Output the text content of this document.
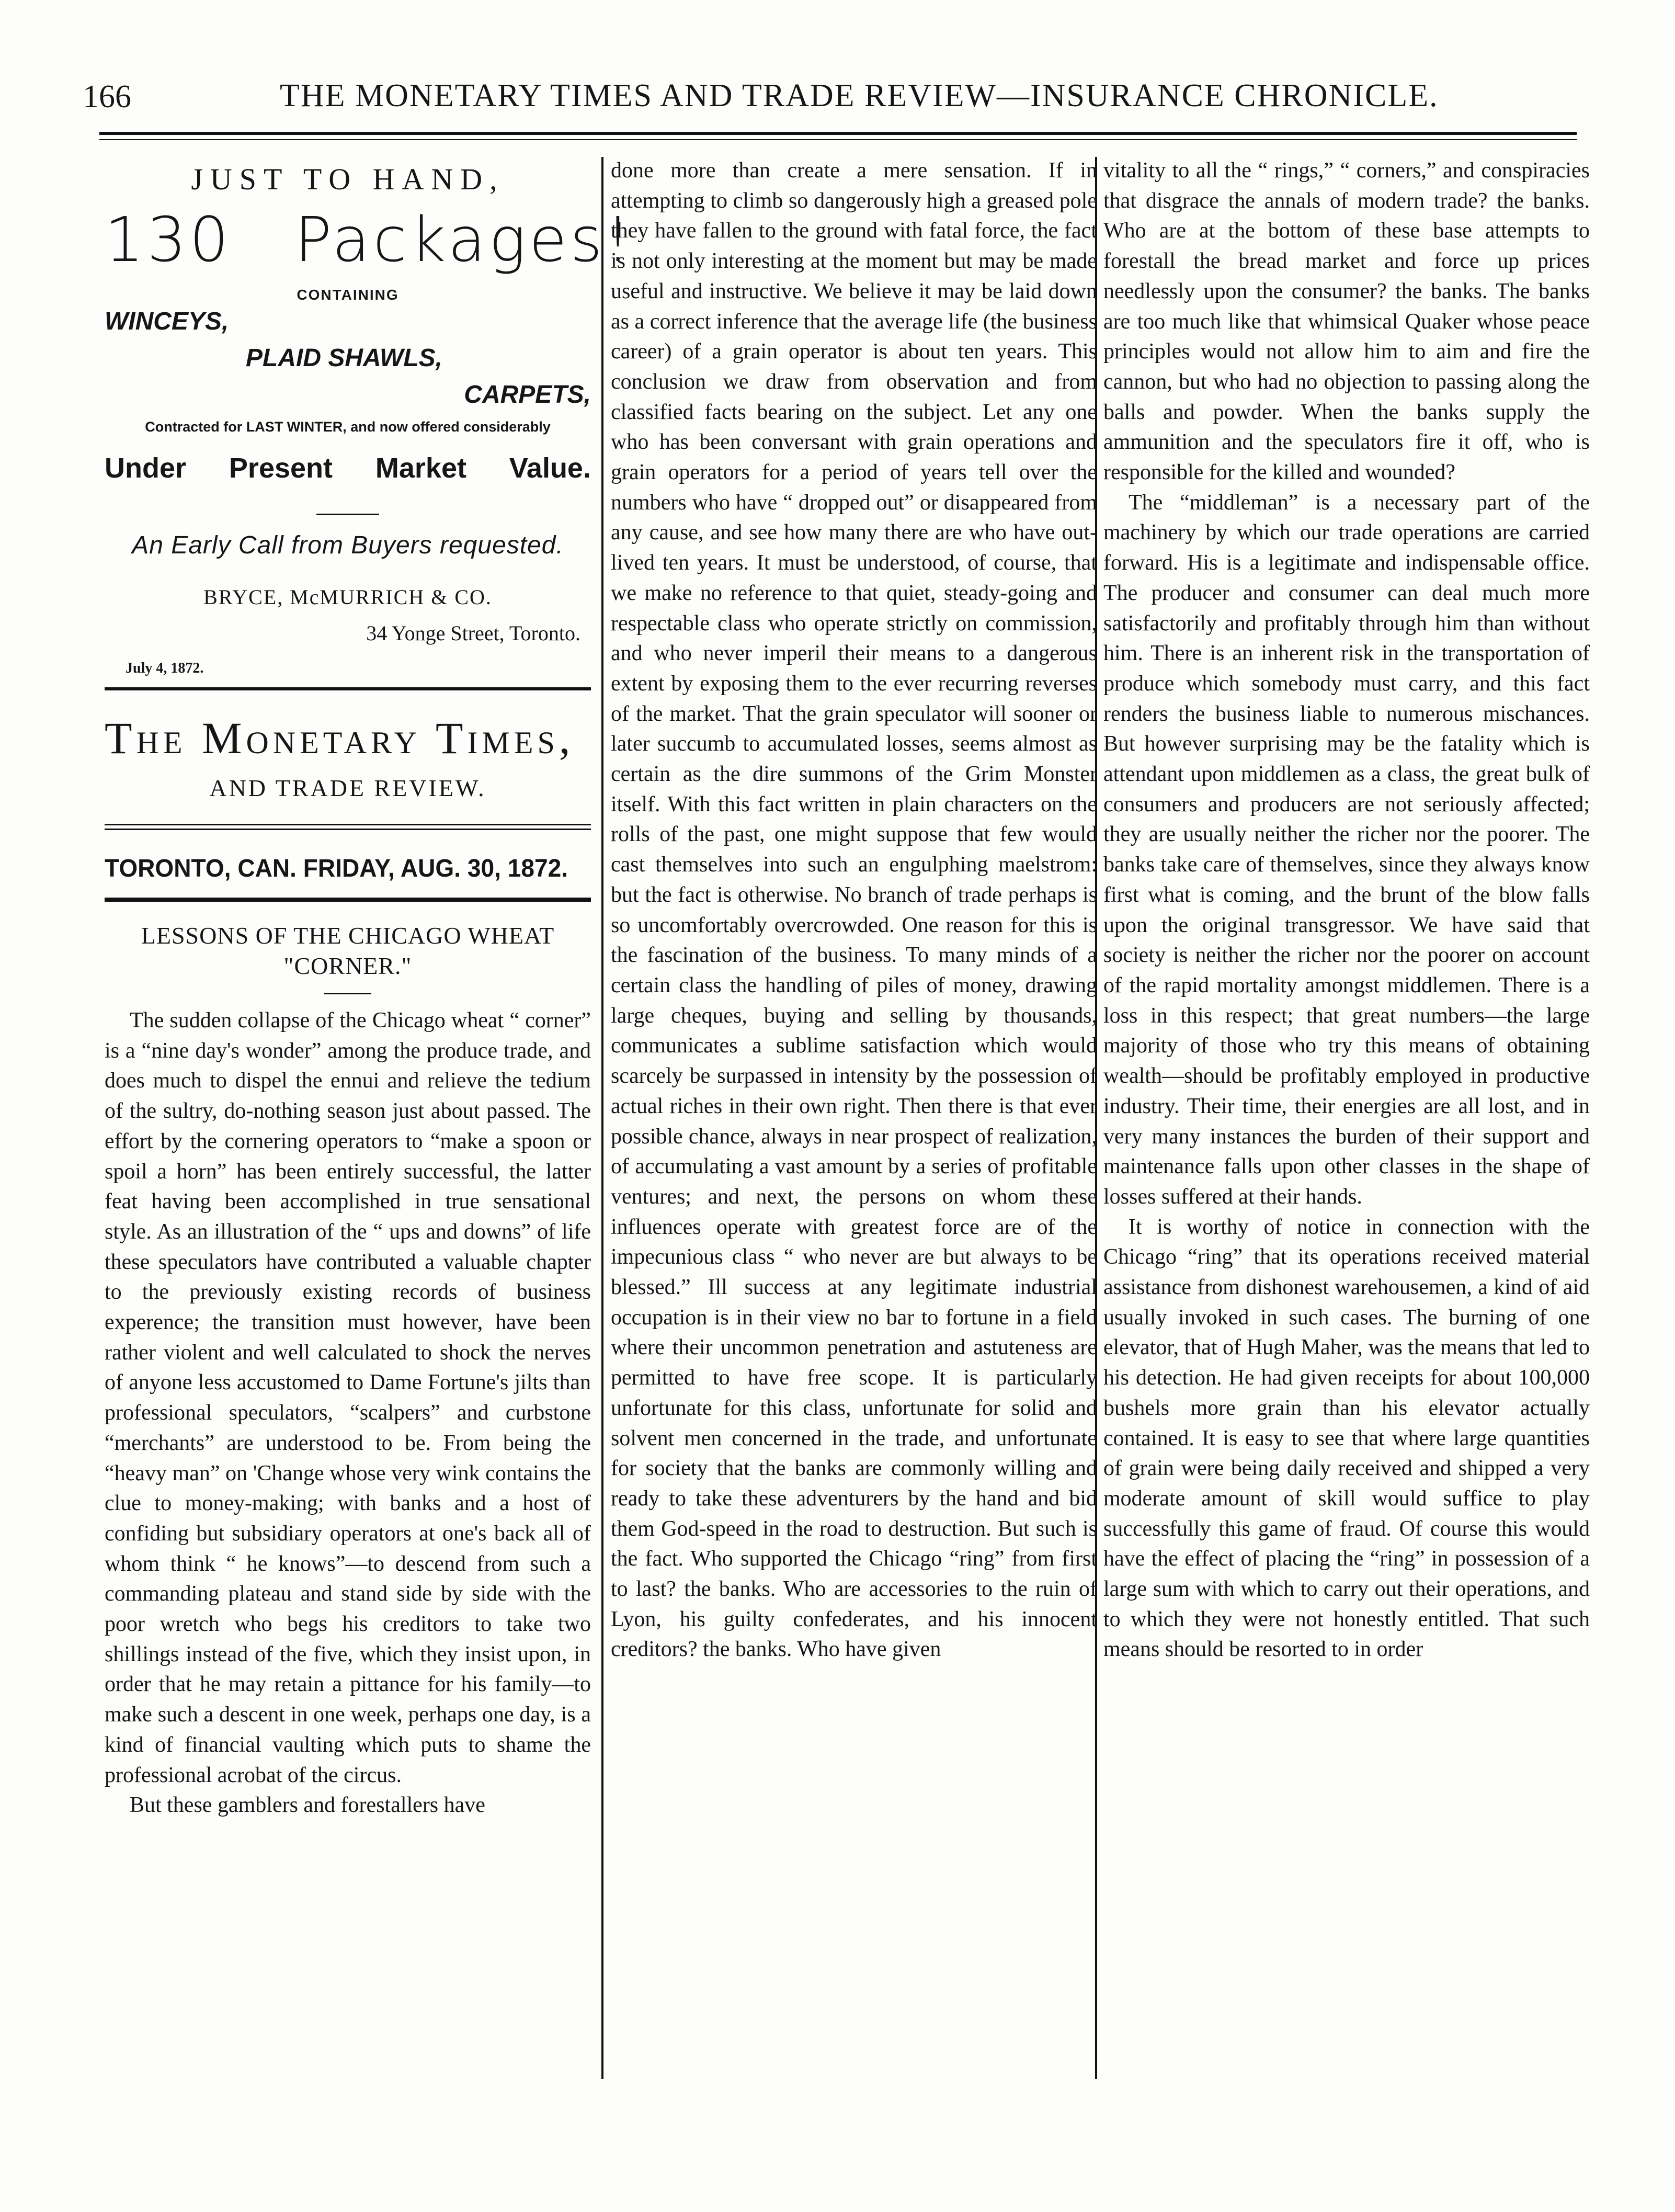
166	THE MONETARY TIMES AND TRADE REVIEW—INSURANCE CHRONICLE.
JUST TO HAND,
130 Packages!
CONTAINING
WINCEYS,
PLAID SHAWLS,
CARPETS,
Contracted for LAST WINTER, and now offered considerably
Under Present Market Value.
An Early Call from Buyers requested.
BRYCE, McMURRICH & CO.
34 Yonge Street, Toronto.
July 4, 1872.
The Monetary Times,
AND TRADE REVIEW.
TORONTO, CAN. FRIDAY, AUG. 30, 1872.
LESSONS OF THE CHICAGO WHEAT "CORNER."

The sudden collapse of the Chicago wheat “ corner” is a “nine day's wonder” among the produce trade, and does much to dispel the ennui and relieve the tedium of the sultry, do-nothing season just about passed. The effort by the cornering operators to “make a spoon or spoil a horn” has been entirely successful, the latter feat having been accomplished in true sensational style. As an illustration of the “ ups and downs” of life these speculators have contributed a valuable chapter to the previously existing records of business experence; the transition must however, have been rather violent and well calculated to shock the nerves of anyone less accustomed to Dame Fortune's jilts than professional speculators, “scalpers” and curbstone “merchants” are understood to be. From being the “heavy man” on 'Change whose very wink contains the clue to money-making; with banks and a host of confiding but subsidiary operators at one's back all of whom think “ he knows”—to descend from such a commanding plateau and stand side by side with the poor wretch who begs his creditors to take two shillings instead of the five, which they insist upon, in order that he may retain a pittance for his family—to make such a descent in one week, perhaps one day, is a kind of financial vaulting which puts to shame the professional acrobat of the circus.

But these gamblers and forestallers have

done more than create a mere sensation. If in attempting to climb so dangerously high a greased pole they have fallen to the ground with fatal force, the fact is not only interesting at the moment but may be made useful and instructive. We believe it may be laid down as a correct inference that the average life (the business career) of a grain operator is about ten years. This conclusion we draw from observation and from classified facts bearing on the subject. Let any one who has been conversant with grain operations and grain operators for a period of years tell over the numbers who have “ dropped out” or disappeared from any cause, and see how many there are who have out-lived ten years. It must be understood, of course, that we make no reference to that quiet, steady-going and respectable class who operate strictly on commission, and who never imperil their means to a dangerous extent by exposing them to the ever recurring reverses of the market. That the grain speculator will sooner or later succumb to accumulated losses, seems almost as certain as the dire summons of the Grim Monster itself. With this fact written in plain characters on the rolls of the past, one might suppose that few would cast themselves into such an engulphing maelstrom: but the fact is otherwise. No branch of trade perhaps is so uncomfortably overcrowded. One reason for this is the fascination of the business. To many minds of a certain class the handling of piles of money, drawing large cheques, buying and selling by thousands, communicates a sublime satisfaction which would scarcely be surpassed in intensity by the possession of actual riches in their own right. Then there is that ever possible chance, always in near prospect of realization, of accumulating a vast amount by a series of profitable ventures; and next, the persons on whom these influences operate with greatest force are of the impecunious class “ who never are but always to be blessed.” Ill success at any legitimate industrial occupation is in their view no bar to fortune in a field where their uncommon penetration and astuteness are permitted to have free scope. It is particularly unfortunate for this class, unfortunate for solid and solvent men concerned in the trade, and unfortunate for society that the banks are commonly willing and ready to take these adventurers by the hand and bid them God-speed in the road to destruction. But such is the fact. Who supported the Chicago “ring” from first to last? the banks. Who are accessories to the ruin of Lyon, his guilty confederates, and his innocent creditors? the banks. Who have given

vitality to all the “ rings,” “ corners,” and conspiracies that disgrace the annals of modern trade? the banks. Who are at the bottom of these base attempts to forestall the bread market and force up prices needlessly upon the consumer? the banks. The banks are too much like that whimsical Quaker whose peace principles would not allow him to aim and fire the cannon, but who had no objection to passing along the balls and powder. When the banks supply the ammunition and the speculators fire it off, who is responsible for the killed and wounded?

The “middleman” is a necessary part of the machinery by which our trade operations are carried forward. His is a legitimate and indispensable office. The producer and consumer can deal much more satisfactorily and profitably through him than without him. There is an inherent risk in the transportation of produce which somebody must carry, and this fact renders the business liable to numerous mischances. But however surprising may be the fatality which is attendant upon middlemen as a class, the great bulk of consumers and producers are not seriously affected; they are usually neither the richer nor the poorer. The banks take care of themselves, since they always know first what is coming, and the brunt of the blow falls upon the original transgressor. We have said that society is neither the richer nor the poorer on account of the rapid mortality amongst middlemen. There is a loss in this respect; that great numbers—the large majority of those who try this means of obtaining wealth—should be profitably employed in productive industry. Their time, their energies are all lost, and in very many instances the burden of their support and maintenance falls upon other classes in the shape of losses suffered at their hands.

It is worthy of notice in connection with the Chicago “ring” that its operations received material assistance from dishonest warehousemen, a kind of aid usually invoked in such cases. The burning of one elevator, that of Hugh Maher, was the means that led to his detection. He had given receipts for about 100,000 bushels more grain than his elevator actually contained. It is easy to see that where large quantities of grain were being daily received and shipped a very moderate amount of skill would suffice to play successfully this game of fraud. Of course this would have the effect of placing the “ring” in possession of a large sum with which to carry out their operations, and to which they were not honestly entitled. That such means should be resorted to in order
